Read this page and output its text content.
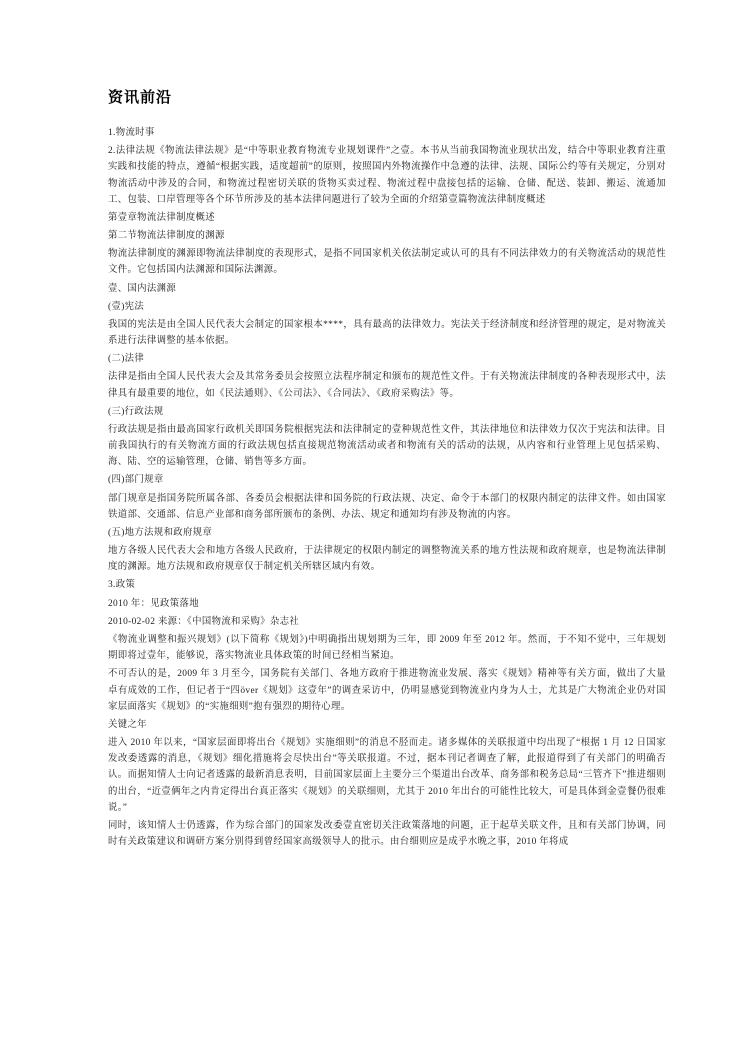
资讯前沿

1.物流时事

2.法律法规《物流法律法规》是“中等职业教育物流专业规划课件”之壹。本书从当前我国物流业现状出发，结合中等职业教育注重实践和技能的特点，遵循“根据实践，适度超前”的原则，按照国内外物流操作中急遵的法律、法规、国际公约等有关规定，分别对物流活动中涉及的合同，和物流过程密切关联的货物买卖过程、物流过程中盘接包括的运输、仓储、配送、装卸、搬运、流通加工、包装、口岸管理等各个环节所涉及的基本法律问题进行了较为全面的介绍第壹篇物流法律制度概述

第壹章物流法律制度概述

第二节物流法律制度的渊源

物流法律制度的渊源即物流法律制度的表现形式，是指不同国家机关依法制定或认可的具有不同法律效力的有关物流活动的规范性文件。它包括国内法渊源和国际法渊源。

壹、国内法渊源

(壹)宪法

我国的宪法是由全国人民代表大会制定的国家根本****，具有最高的法律效力。宪法关于经济制度和经济管理的规定，是对物流关系进行法律调整的基本依据。

(二)法律

法律是指由全国人民代表大会及其常务委员会按照立法程序制定和颁布的规范性文件。于有关物流法律制度的各种表现形式中，法律具有最重要的地位，如《民法通则》、《公司法》、《合同法》、《政府采购法》等。

(三)行政法规

行政法规是指由最高国家行政机关即国务院根据宪法和法律制定的壹种规范性文件，其法律地位和法律效力仅次于宪法和法律。目前我国执行的有关物流方面的行政法规包括直接规范物流活动或者和物流有关的活动的法规，从内容和行业管理上见包括采购、海、陆、空的运输管理，仓储、销售等多方面。

(四)部门规章

部门规章是指国务院所属各部、各委员会根据法律和国务院的行政法规、决定、命令于本部门的权限内制定的法律文件。如由国家铁道部、交通部、信息产业部和商务部所颁布的条例、办法、规定和通知均有涉及物流的内容。

(五)地方法规和政府规章

地方各级人民代表大会和地方各级人民政府，于法律规定的权限内制定的调整物流关系的地方性法规和政府规章，也是物流法律制度的渊源。地方法规和政府规章仅于制定机关所辖区域内有效。

3.政策

2010 年：见政策落地

2010-02-02 来源：《中国物流和采购》杂志社

《物流业调整和振兴规划》(以下简称《规划》)中明确指出规划期为三年，即 2009 年至 2012 年。然而，于不知不觉中，三年规划期即将过壹年，能够说，落实物流业具体政策的时间已经相当紧迫。

不可否认的是，2009 年 3 月至今，国务院有关部门、各地方政府于推进物流业发展、落实《规划》精神等有关方面，做出了大量卓有成效的工作，但记者于“四över《规划》这壹年”的调查采访中，仍明显感觉到物流业内身为人士，尤其是广大物流企业仍对国家层面落实《规划》的“实施细则”抱有强烈的期待心理。

关键之年

进入 2010 年以来，“国家层面即将出台《规划》实施细则”的消息不胫而走。诸多媒体的关联报道中均出现了“根据 1 月 12 日国家发改委透露的消息，《规划》细化措施将会尽快出台”等关联报道。不过，据本刊记者调查了解，此报道得到了有关部门的明确否认。而据知情人士向记者透露的最新消息表明，目前国家层面上主要分三个渠道出台改革、商务部和税务总局“三管齐下”推进细则的出台，“近壹俩年之内肯定得出台真正落实《规划》的关联细则，尤其于 2010 年出台的可能性比较大，可是具体到金壹餐仍很难说。”

同时，该知情人士仍透露，作为综合部门的国家发改委壹直密切关注政策落地的问题，正于起草关联文件，且和有关部门协调，同时有关政策建议和调研方案分别得到曾经国家高级领导人的批示。由台细则应是成乎水晚之事，2010 年将成
